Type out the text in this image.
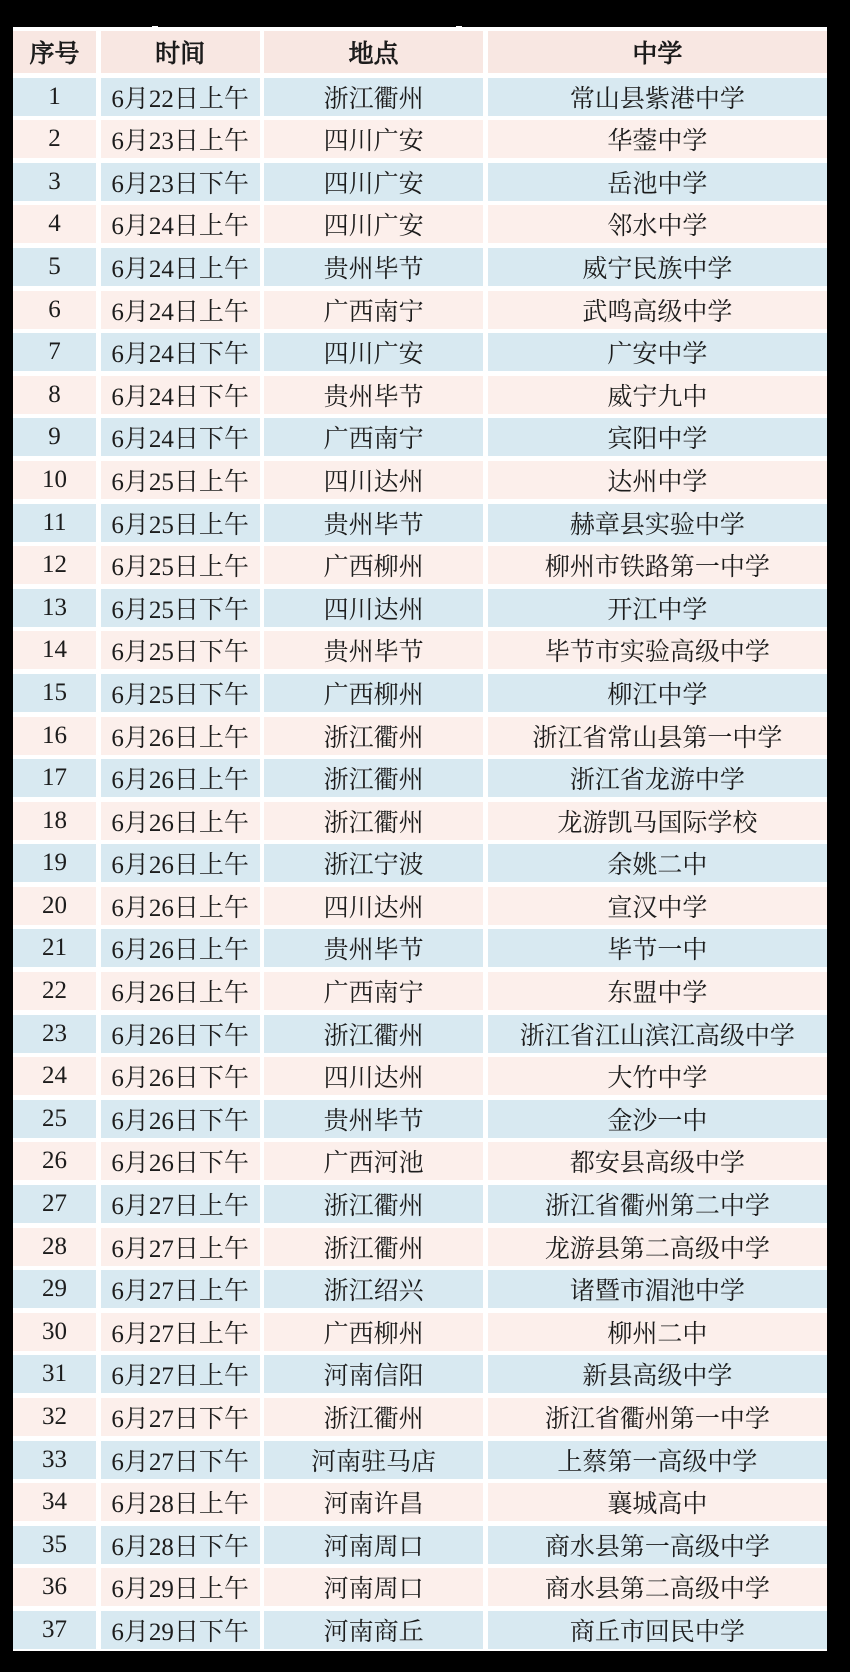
序号	时间	地点	中学
1	6月22日上午	浙江衢州	常山县紫港中学
2	6月23日上午	四川广安	华蓥中学
3	6月23日下午	四川广安	岳池中学
4	6月24日上午	四川广安	邻水中学
5	6月24日上午	贵州毕节	威宁民族中学
6	6月24日上午	广西南宁	武鸣高级中学
7	6月24日下午	四川广安	广安中学
8	6月24日下午	贵州毕节	威宁九中
9	6月24日下午	广西南宁	宾阳中学
10	6月25日上午	四川达州	达州中学
11	6月25日上午	贵州毕节	赫章县实验中学
12	6月25日上午	广西柳州	柳州市铁路第一中学
13	6月25日下午	四川达州	开江中学
14	6月25日下午	贵州毕节	毕节市实验高级中学
15	6月25日下午	广西柳州	柳江中学
16	6月26日上午	浙江衢州	浙江省常山县第一中学
17	6月26日上午	浙江衢州	浙江省龙游中学
18	6月26日上午	浙江衢州	龙游凯马国际学校
19	6月26日上午	浙江宁波	余姚二中
20	6月26日上午	四川达州	宣汉中学
21	6月26日上午	贵州毕节	毕节一中
22	6月26日上午	广西南宁	东盟中学
23	6月26日下午	浙江衢州	浙江省江山滨江高级中学
24	6月26日下午	四川达州	大竹中学
25	6月26日下午	贵州毕节	金沙一中
26	6月26日下午	广西河池	都安县高级中学
27	6月27日上午	浙江衢州	浙江省衢州第二中学
28	6月27日上午	浙江衢州	龙游县第二高级中学
29	6月27日上午	浙江绍兴	诸暨市湄池中学
30	6月27日上午	广西柳州	柳州二中
31	6月27日上午	河南信阳	新县高级中学
32	6月27日下午	浙江衢州	浙江省衢州第一中学
33	6月27日下午	河南驻马店	上蔡第一高级中学
34	6月28日上午	河南许昌	襄城高中
35	6月28日下午	河南周口	商水县第一高级中学
36	6月29日上午	河南周口	商水县第二高级中学
37	6月29日下午	河南商丘	商丘市回民中学
